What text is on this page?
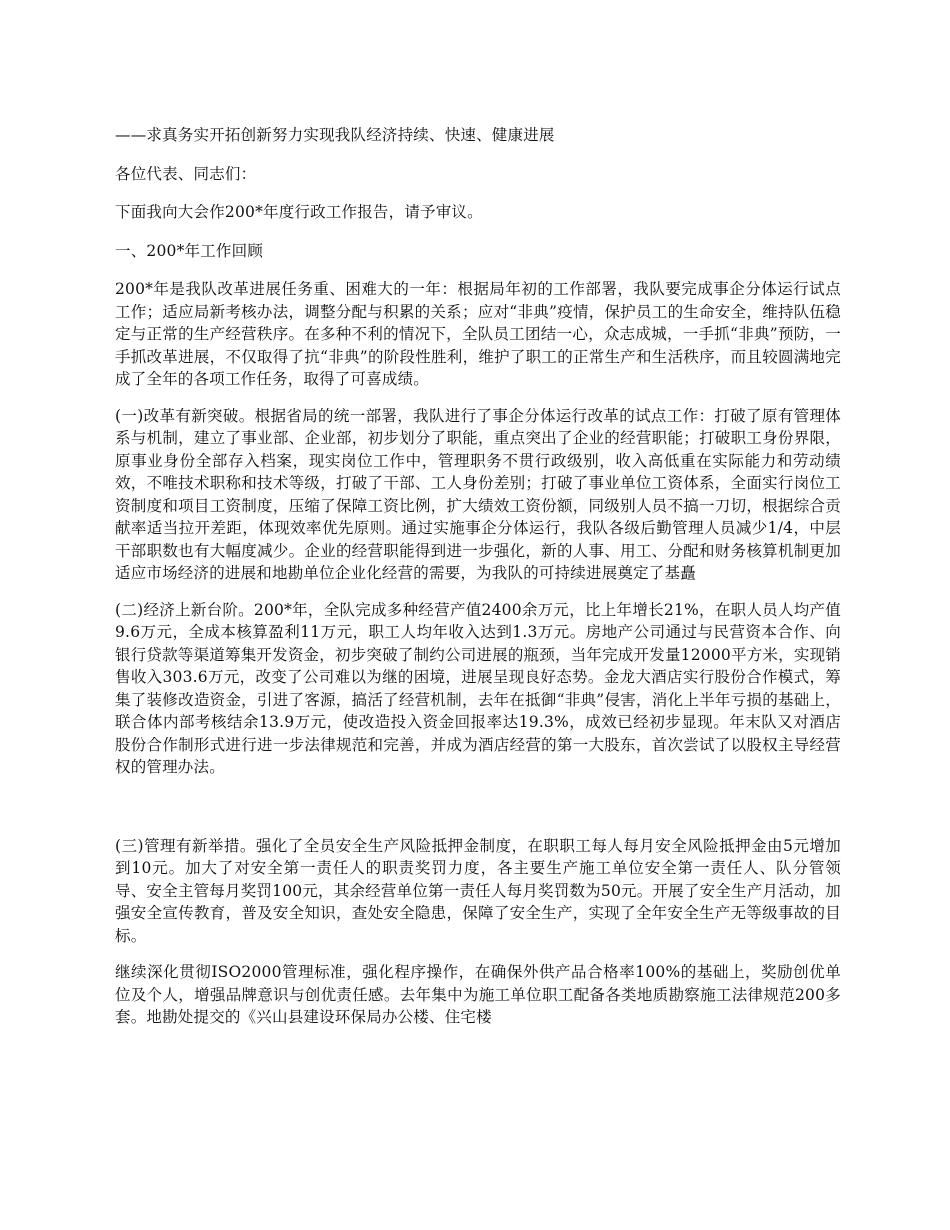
——求真务实开拓创新努力实现我队经济持续、快速、健康进展

各位代表、同志们：

下面我向大会作200*年度行政工作报告，请予审议。

一、200*年工作回顾

200*年是我队改革进展任务重、困难大的一年：根据局年初的工作部署，我队要完成事企分体运行试点工作；适应局新考核办法，调整分配与积累的关系；应对“非典”疫情，保护员工的生命安全，维持队伍稳定与正常的生产经营秩序。在多种不利的情况下，全队员工团结一心，众志成城，一手抓“非典”预防，一手抓改革进展，不仅取得了抗“非典”的阶段性胜利，维护了职工的正常生产和生活秩序，而且较圆满地完成了全年的各项工作任务，取得了可喜成绩。

(一)改革有新突破。根据省局的统一部署，我队进行了事企分体运行改革的试点工作：打破了原有管理体系与机制，建立了事业部、企业部，初步划分了职能，重点突出了企业的经营职能；打破职工身份界限，原事业身份全部存入档案，现实岗位工作中，管理职务不贯行政级别，收入高低重在实际能力和劳动绩效，不唯技术职称和技术等级，打破了干部、工人身份差别；打破了事业单位工资体系，全面实行岗位工资制度和项目工资制度，压缩了保障工资比例，扩大绩效工资份额，同级别人员不搞一刀切，根据综合贡献率适当拉开差距，体现效率优先原则。通过实施事企分体运行，我队各级后勤管理人员减少1/4，中层干部职数也有大幅度减少。企业的经营职能得到进一步强化，新的人事、用工、分配和财务核算机制更加适应市场经济的进展和地勘单位企业化经营的需要，为我队的可持续进展奠定了基矗

(二)经济上新台阶。200*年，全队完成多种经营产值2400余万元，比上年增长21%，在职人员人均产值9.6万元，全成本核算盈利11万元，职工人均年收入达到1.3万元。房地产公司通过与民营资本合作、向银行贷款等渠道筹集开发资金，初步突破了制约公司进展的瓶颈，当年完成开发量12000平方米，实现销售收入303.6万元，改变了公司难以为继的困境，进展呈现良好态势。金龙大酒店实行股份合作模式，筹集了装修改造资金，引进了客源，搞活了经营机制，去年在抵御“非典”侵害，消化上半年亏损的基础上，联合体内部考核结余13.9万元，使改造投入资金回报率达19.3%，成效已经初步显现。年末队又对酒店股份合作制形式进行进一步法律规范和完善，并成为酒店经营的第一大股东，首次尝试了以股权主导经营权的管理办法。

(三)管理有新举措。强化了全员安全生产风险抵押金制度，在职职工每人每月安全风险抵押金由5元增加到10元。加大了对安全第一责任人的职责奖罚力度，各主要生产施工单位安全第一责任人、队分管领导、安全主管每月奖罚100元，其余经营单位第一责任人每月奖罚数为50元。开展了安全生产月活动，加强安全宣传教育，普及安全知识，查处安全隐患，保障了安全生产，实现了全年安全生产无等级事故的目标。

继续深化贯彻ISO2000管理标准，强化程序操作，在确保外供产品合格率100%的基础上，奖励创优单位及个人，增强品牌意识与创优责任感。去年集中为施工单位职工配备各类地质勘察施工法律规范200多套。地勘处提交的《兴山县建设环保局办公楼、住宅楼
